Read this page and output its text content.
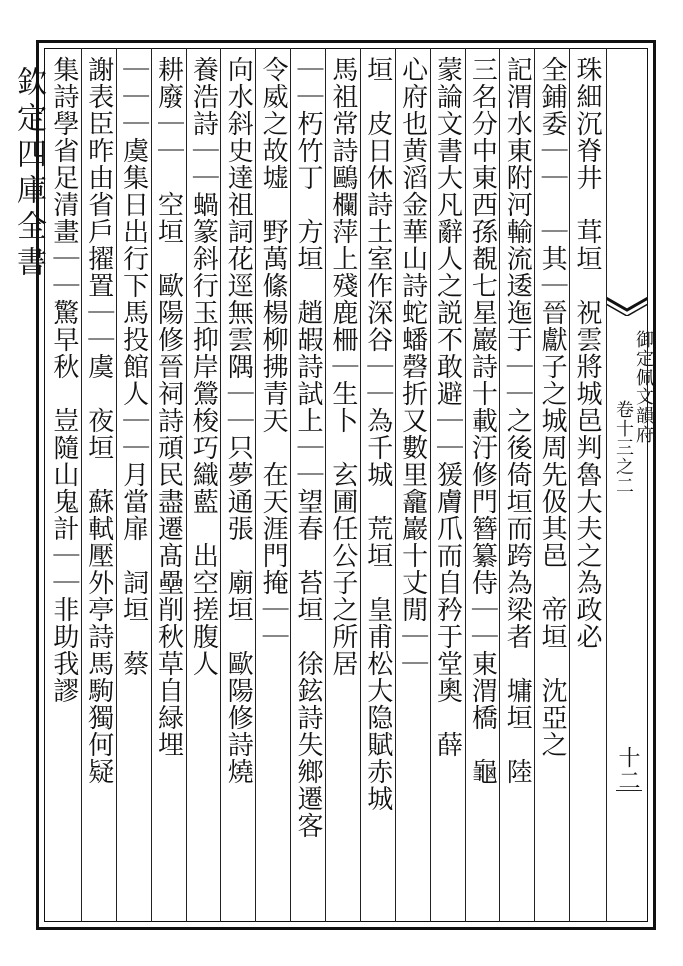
欽定四庫全書
御定佩文韻府
卷十三之二
十二
珠細沉脊井　茸垣　祝雲將城邑判魯大夫之為政必
全鋪委｜｜　｜其｜晉獻子之城周先伋其邑　帝垣　沈亞之
記渭水東附河輸流逶迤于｜｜之後倚垣而跨為梁者　墉垣　陸
三名分中東西孫覩七星巖詩十載汙修門簪纂侍｜｜東渭橋　龜
蒙論文書大凡辭人之説不敢避｜｜猨膚爪而自矜于堂奧　薛
心府也黄滔金華山詩蛇蟠磬折又數里龕巖十丈閒｜｜
垣　皮日休詩土室作深谷｜｜為千城　荒垣　皇甫松大隐賦赤城
馬祖常詩鷗欄萍上殘鹿柵｜生卜　玄圃任公子之所居
｜｜朽竹丁　方垣　趙嘏詩試上｜｜望春　苔垣　徐鉉詩失鄉遷客
令威之故墟　野萬絛楊柳拂青天　在天涯門掩｜｜
向水斜史達祖詞花逕無雲隅｜｜只夢通張　廟垣　歐陽修詩燒
養浩詩｜｜蝸篆斜行玉抑岸鶯梭巧織藍　出空搓腹人
耕廢｜｜　空垣　歐陽修晉祠詩頑民盡遷髙壘削秋草自緑埋
｜｜｜虞集日出行下馬投館人｜｜月當扉　詞垣　蔡
謝表臣昨由省戶擢置｜｜虞　夜垣　蘇軾壓外亭詩馬駒獨何疑
集詩學省足清畫｜｜驚早秋　豈隨山鬼計｜｜非助我謬
